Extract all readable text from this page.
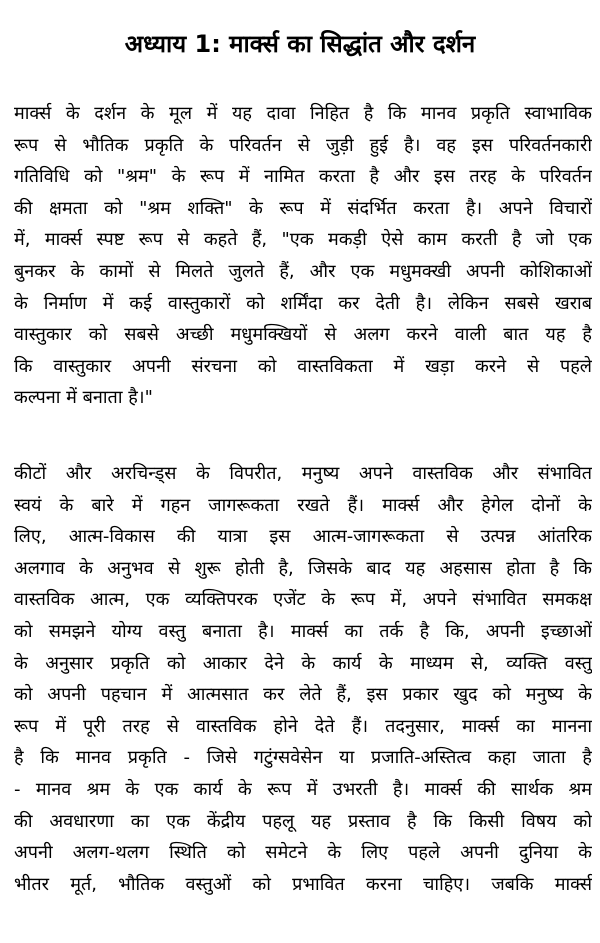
अध्याय 1: मार्क्स का सिद्धांत और दर्शन
मार्क्स के दर्शन के मूल में यह दावा निहित है कि मानव प्रकृति स्वाभाविक
रूप से भौतिक प्रकृति के परिवर्तन से जुड़ी हुई है। वह इस परिवर्तनकारी
गतिविधि को "श्रम" के रूप में नामित करता है और इस तरह के परिवर्तन
की क्षमता को "श्रम शक्ति" के रूप में संदर्भित करता है। अपने विचारों
में, मार्क्स स्पष्ट रूप से कहते हैं, "एक मकड़ी ऐसे काम करती है जो एक
बुनकर के कामों से मिलते जुलते हैं, और एक मधुमक्खी अपनी कोशिकाओं
के निर्माण में कई वास्तुकारों को शर्मिंदा कर देती है। लेकिन सबसे खराब
वास्तुकार को सबसे अच्छी मधुमक्खियों से अलग करने वाली बात यह है
कि वास्तुकार अपनी संरचना को वास्तविकता में खड़ा करने से पहले
कल्पना में बनाता है।"
कीटों और अरचिन्ड्स के विपरीत, मनुष्य अपने वास्तविक और संभावित
स्वयं के बारे में गहन जागरूकता रखते हैं। मार्क्स और हेगेल दोनों के
लिए, आत्म-विकास की यात्रा इस आत्म-जागरूकता से उत्पन्न आंतरिक
अलगाव के अनुभव से शुरू होती है, जिसके बाद यह अहसास होता है कि
वास्तविक आत्म, एक व्यक्तिपरक एजेंट के रूप में, अपने संभावित समकक्ष
को समझने योग्य वस्तु बनाता है। मार्क्स का तर्क है कि, अपनी इच्छाओं
के अनुसार प्रकृति को आकार देने के कार्य के माध्यम से, व्यक्ति वस्तु
को अपनी पहचान में आत्मसात कर लेते हैं, इस प्रकार खुद को मनुष्य के
रूप में पूरी तरह से वास्तविक होने देते हैं। तदनुसार, मार्क्स का मानना
है कि मानव प्रकृति - जिसे गटुंग्सवेसेन या प्रजाति-अस्तित्व कहा जाता है
- मानव श्रम के एक कार्य के रूप में उभरती है। मार्क्स की सार्थक श्रम
की अवधारणा का एक केंद्रीय पहलू यह प्रस्ताव है कि किसी विषय को
अपनी अलग-थलग स्थिति को समेटने के लिए पहले अपनी दुनिया के
भीतर मूर्त, भौतिक वस्तुओं को प्रभावित करना चाहिए। जबकि मार्क्स
